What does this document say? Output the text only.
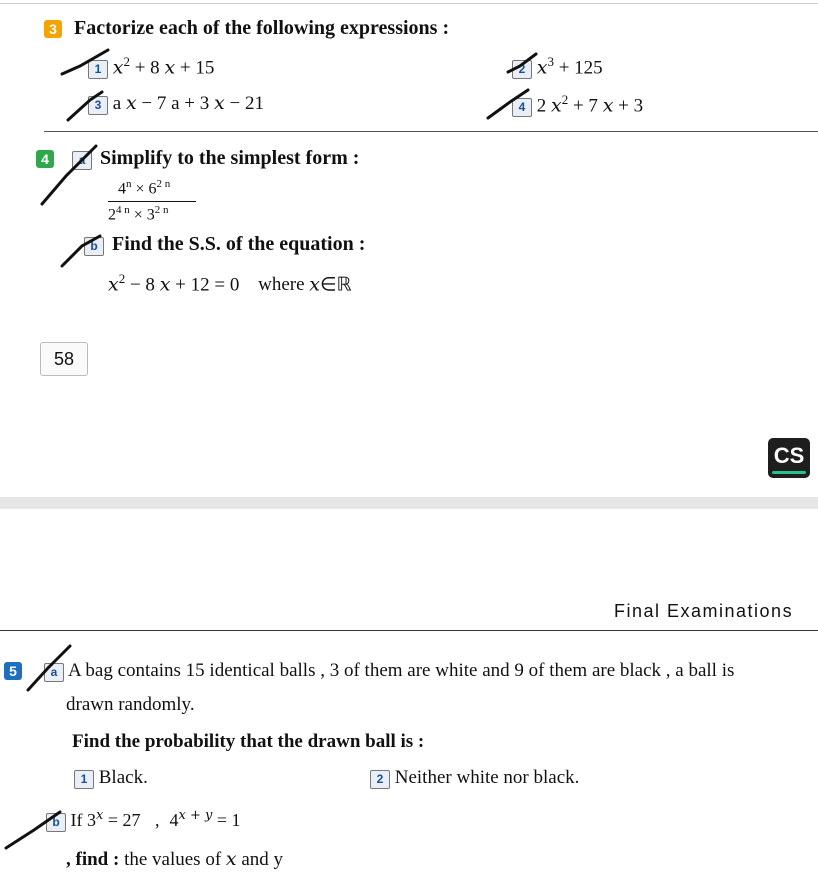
3 Factorize each of the following expressions :
1 $x^2 + 8$ x + 15	2 $x^3 + 125$
3 a x − 7 a + 3 x − 21	4 2 $x^2 + 7$ x + 3
4 a Simplify to the simplest form :
$4^n \times 6^{2 n}$
$2^{4 n} \times 3^{2 n}$
b Find the S.S. of the equation :
$x^2 - 8$ x + 12 = 0 where x∈ℝ
58
CS
Final Examinations
5	a A bag contains 15 identical balls , 3 of them are white and 9 of them are black , a ball is
drawn randomly.
Find the probability that the drawn ball is :
1 Black.	2 Neither white nor black.
b If $3^x = 27$ , $4^{x + y} = 1$
, find : the values of x and y
